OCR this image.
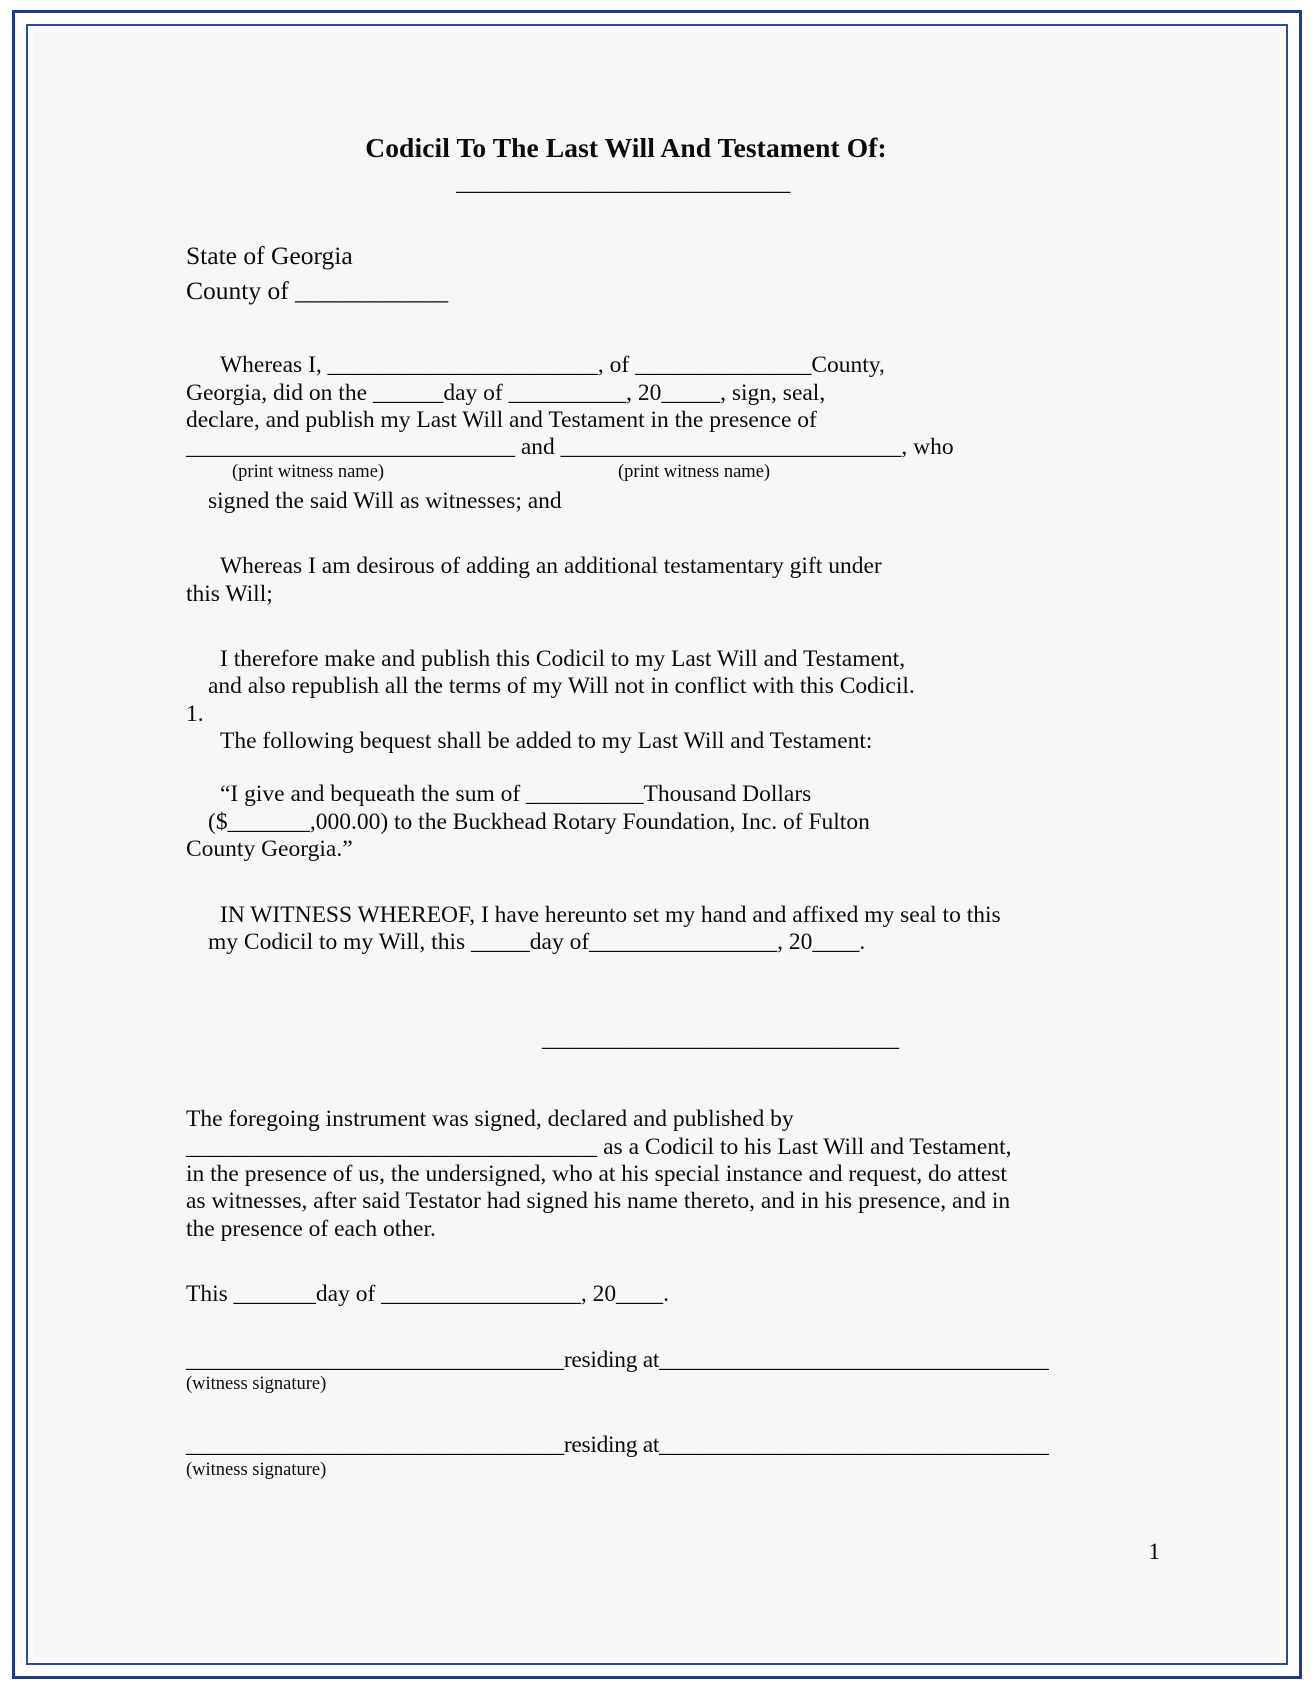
Codicil To The Last Will And Testament Of:
_____________________________
State of Georgia
County of ____________

Whereas I, _______________________, of _______________County,

Georgia, did on the ______day of __________, 20_____, sign, seal,

declare, and publish my Last Will and Testament in the presence of

____________________________ and _____________________________, who

(print witness name)	(print witness name)

signed the said Will as witnesses; and

Whereas I am desirous of adding an additional testamentary gift under

this Will;

I therefore make and publish this Codicil to my Last Will and Testament,

and also republish all the terms of my Will not in conflict with this Codicil.

1.

The following bequest shall be added to my Last Will and Testament:

“I give and bequeath the sum of __________Thousand Dollars

($_______,000.00) to the Buckhead Rotary Foundation, Inc. of Fulton

County Georgia.”

IN WITNESS WHEREOF, I have hereunto set my hand and affixed my seal to this

my Codicil to my Will, this _____day of________________, 20____.

_______________________________

The foregoing instrument was signed, declared and published by

___________________________________ as a Codicil to his Last Will and Testament,

in the presence of us, the undersigned, who at his special instance and request, do attest

as witnesses, after said Testator had signed his name thereto, and in his presence, and in

the presence of each other.

This _______day of _________________, 20____.

_________________________________residing at__________________________________

(witness signature)

_________________________________residing at__________________________________

(witness signature)

1
